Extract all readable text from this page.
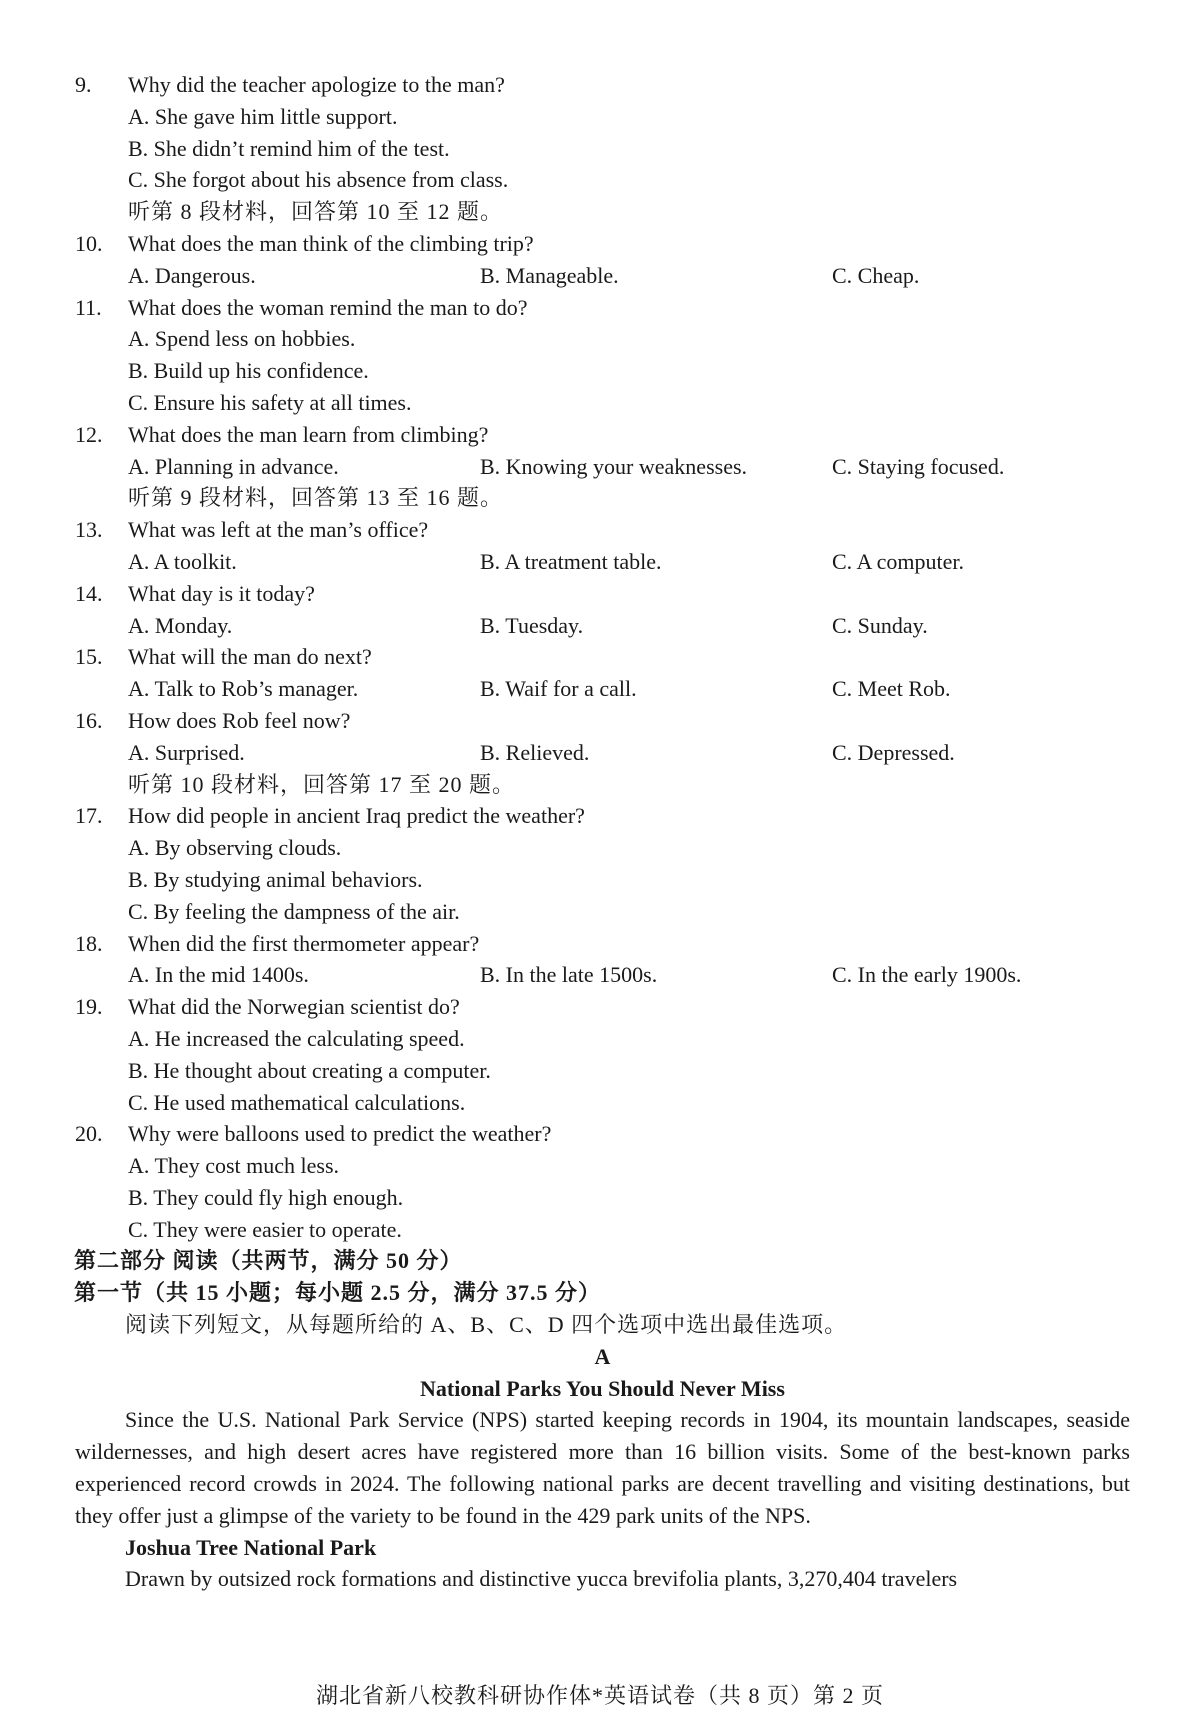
9. Why did the teacher apologize to the man?
A. She gave him little support.
B. She didn’t remind him of the test.
C. She forgot about his absence from class.
听第 8 段材料，回答第 10 至 12 题。
10. What does the man think of the climbing trip?
A. Dangerous.	B. Manageable.	C. Cheap.
11. What does the woman remind the man to do?
A. Spend less on hobbies.
B. Build up his confidence.
C. Ensure his safety at all times.
12. What does the man learn from climbing?
A. Planning in advance.	B. Knowing your weaknesses.	C. Staying focused.
听第 9 段材料，回答第 13 至 16 题。
13. What was left at the man’s office?
A. A toolkit.	B. A treatment table.	C. A computer.
14. What day is it today?
A. Monday.	B. Tuesday.	C. Sunday.
15. What will the man do next?
A. Talk to Rob’s manager.	B. Waif for a call.	C. Meet Rob.
16. How does Rob feel now?
A. Surprised.	B. Relieved.	C. Depressed.
听第 10 段材料，回答第 17 至 20 题。
17. How did people in ancient Iraq predict the weather?
A. By observing clouds.
B. By studying animal behaviors.
C. By feeling the dampness of the air.
18. When did the first thermometer appear?
A. In the mid 1400s.	B. In the late 1500s.	C. In the early 1900s.
19. What did the Norwegian scientist do?
A. He increased the calculating speed.
B. He thought about creating a computer.
C. He used mathematical calculations.
20. Why were balloons used to predict the weather?
A. They cost much less.
B. They could fly high enough.
C. They were easier to operate.
第二部分 阅读（共两节，满分 50 分）
第一节（共 15 小题；每小题 2.5 分，满分 37.5 分）
阅读下列短文，从每题所给的 A、B、C、D 四个选项中选出最佳选项。
A
National Parks You Should Never Miss
Since the U.S. National Park Service (NPS) started keeping records in 1904, its mountain landscapes, seaside wildernesses, and high desert acres have registered more than 16 billion visits. Some of the best-known parks experienced record crowds in 2024. The following national parks are decent travelling and visiting destinations, but they offer just a glimpse of the variety to be found in the 429 park units of the NPS.
Joshua Tree National Park
Drawn by outsized rock formations and distinctive yucca brevifolia plants, 3,270,404 travelers
湖北省新八校教科研协作体*英语试卷（共 8 页）第 2 页
